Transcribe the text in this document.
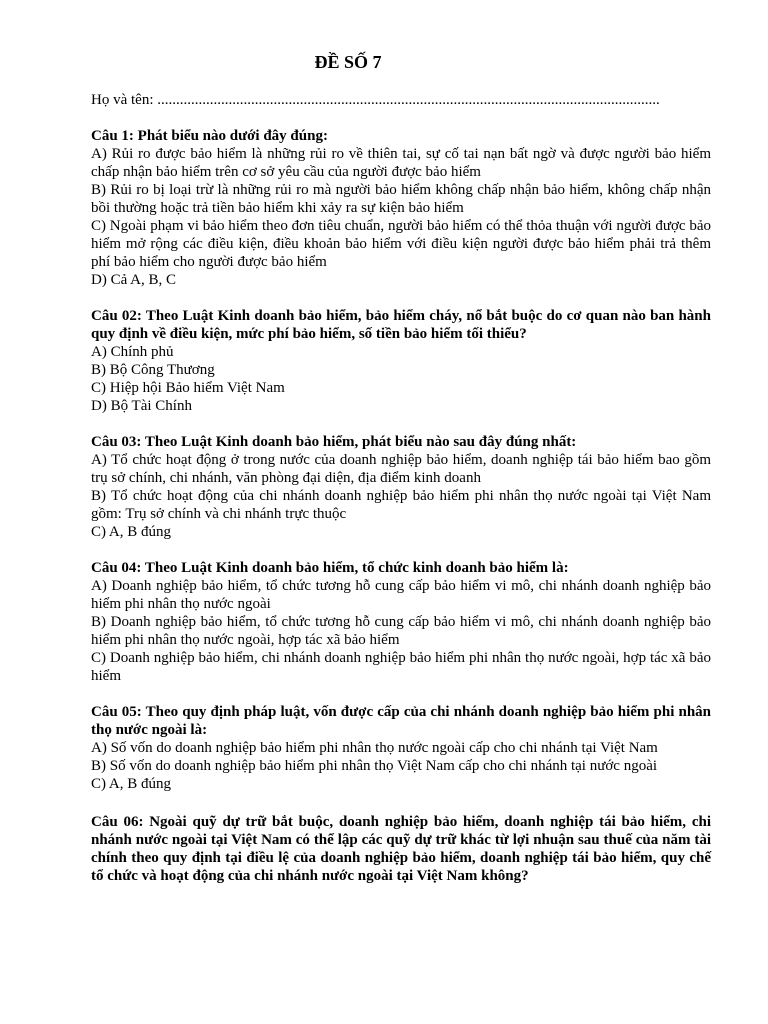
ĐỀ SỐ 7
Họ và tên: ......................................................................................................................................
Câu 1: Phát biểu nào dưới đây đúng:
A) Rủi ro được bảo hiểm là những rủi ro về thiên tai, sự cố tai nạn bất ngờ và được người bảo hiểm chấp nhận bảo hiểm trên cơ sở yêu cầu của người được bảo hiểm
B) Rủi ro bị loại trừ là những rủi ro mà người bảo hiểm không chấp nhận bảo hiểm, không chấp nhận bồi thường hoặc trả tiền bảo hiểm khi xảy ra sự kiện bảo hiểm
C) Ngoài phạm vi bảo hiểm theo đơn tiêu chuẩn, người bảo hiểm có thể thỏa thuận với người được bảo hiểm mở rộng các điều kiện, điều khoản bảo hiểm với điều kiện người được bảo hiểm phải trả thêm phí bảo hiểm cho người được bảo hiểm
D) Cả A, B, C
Câu 02: Theo Luật Kinh doanh bảo hiểm, bảo hiểm cháy, nổ bắt buộc do cơ quan nào ban hành quy định về điều kiện, mức phí bảo hiểm, số tiền bảo hiểm tối thiểu?
A) Chính phủ
B) Bộ Công Thương
C) Hiệp hội Bảo hiểm Việt Nam
D) Bộ Tài Chính
Câu 03: Theo Luật Kinh doanh bảo hiểm, phát biểu nào sau đây đúng nhất:
A) Tổ chức hoạt động ở trong nước của doanh nghiệp bảo hiểm, doanh nghiệp tái bảo hiểm bao gồm trụ sở chính, chi nhánh, văn phòng đại diện, địa điểm kinh doanh
B) Tổ chức hoạt động của chi nhánh doanh nghiệp bảo hiểm phi nhân thọ nước ngoài tại Việt Nam gồm: Trụ sở chính và chi nhánh trực thuộc
C) A, B đúng
Câu 04: Theo Luật Kinh doanh bảo hiểm, tổ chức kinh doanh bảo hiểm là:
A) Doanh nghiệp bảo hiểm, tổ chức tương hỗ cung cấp bảo hiểm vi mô, chi nhánh doanh nghiệp bảo hiểm phi nhân thọ nước ngoài
B) Doanh nghiệp bảo hiểm, tổ chức tương hỗ cung cấp bảo hiểm vi mô, chi nhánh doanh nghiệp bảo hiểm phi nhân thọ nước ngoài, hợp tác xã bảo hiểm
C) Doanh nghiệp bảo hiểm, chi nhánh doanh nghiệp bảo hiểm phi nhân thọ nước ngoài, hợp tác xã bảo hiểm
Câu 05: Theo quy định pháp luật, vốn được cấp của chi nhánh doanh nghiệp bảo hiểm phi nhân thọ nước ngoài là:
A) Số vốn do doanh nghiệp bảo hiểm phi nhân thọ nước ngoài cấp cho chi nhánh tại Việt Nam
B) Số vốn do doanh nghiệp bảo hiểm phi nhân thọ Việt Nam cấp cho chi nhánh tại nước ngoài
C) A, B đúng
Câu 06: Ngoài quỹ dự trữ bắt buộc, doanh nghiệp bảo hiểm, doanh nghiệp tái bảo hiểm, chi nhánh nước ngoài tại Việt Nam có thể lập các quỹ dự trữ khác từ lợi nhuận sau thuế của năm tài chính theo quy định tại điều lệ của doanh nghiệp bảo hiểm, doanh nghiệp tái bảo hiểm, quy chế tổ chức và hoạt động của chi nhánh nước ngoài tại Việt Nam không?
